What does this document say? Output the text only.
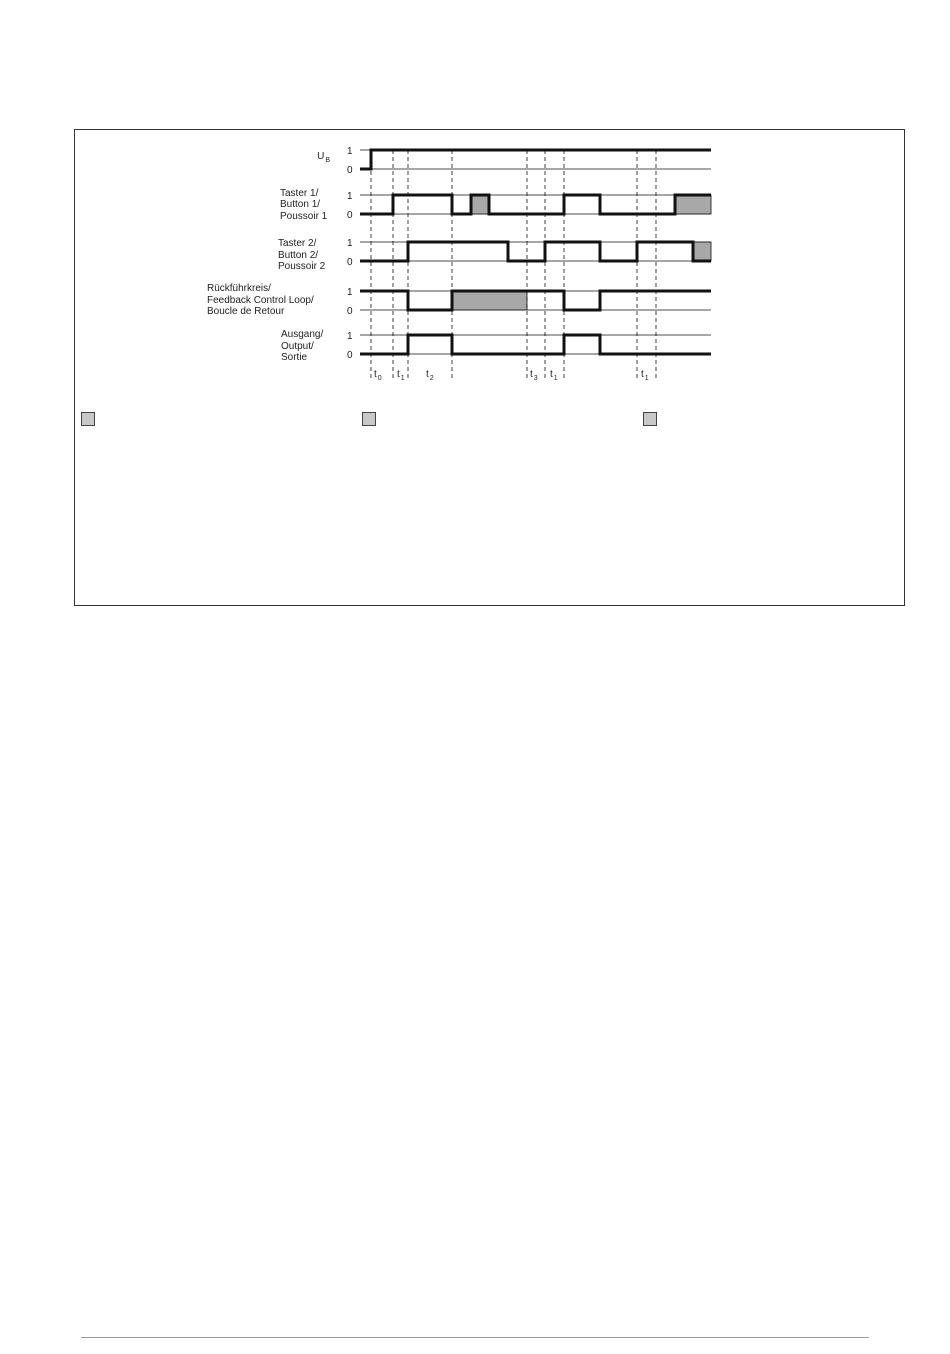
$U_B$
Taster 1/
Button 1/
Poussoir 1
Taster 2/
Button 2/
Poussoir 2
Rückführkreis/
Feedback Control Loop/
Boucle de Retour
Ausgang/
Output/
Sortie
1
0
1
0
1
0
1
0
1
0
$t_0$ $t_1$ $t_2$	$t_3$ $t_1$	$t_1$
